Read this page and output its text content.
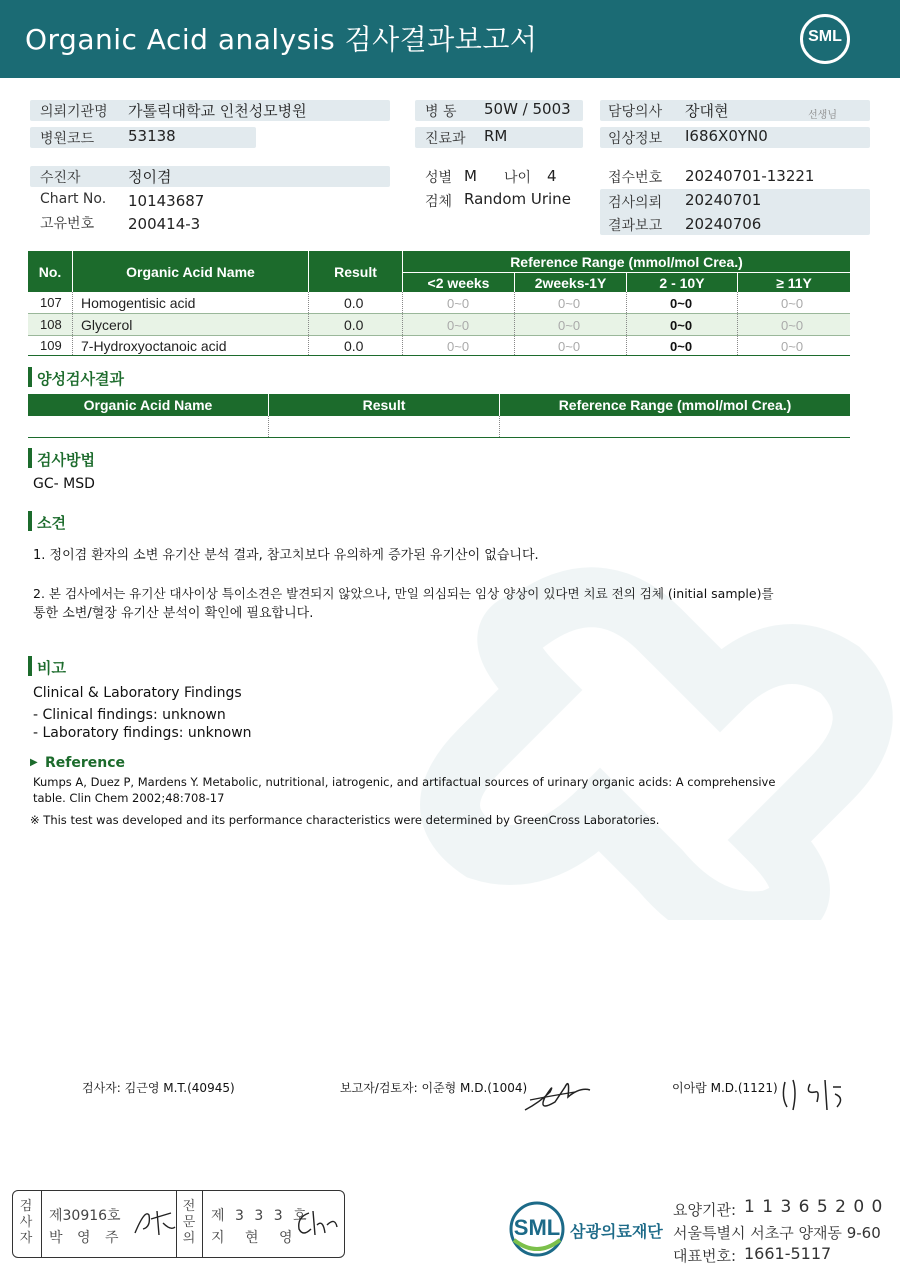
Organic Acid analysis 검사결과보고서	SML
의뢰기관명 가톨릭대학교 인천성모병원	병 동 50W / 5003	담당의사 장대현	선생님
병원코드 53138	진료과 RM	임상정보 I686X0YN0
수진자	정이겸
Chart No. 10143687
고유번호 200414-3
성별 M 나이 4
검체 Random Urine
접수번호 20240701-13221
검사의뢰 20240701
결과보고 20240706
No.	Organic Acid Name	Result
Reference Range (mmol/mol Crea.)
<2 weeks	2weeks-1Y	2 - 10Y	≥ 11Y
107 Homogentisic acid	0.0	0~0	0~0	0~0	0~0
108 Glycerol	0.0	0~0	0~0	0~0	0~0
109 7-Hydroxyoctanoic acid	0.0	0~0	0~0	0~0	0~0
양성검사결과
Organic Acid Name	Result	Reference Range (mmol/mol Crea.)
검사방법
GC- MSD
소견
1. 정이겸 환자의 소변 유기산 분석 결과, 참고치보다 유의하게 증가된 유기산이 없습니다.
2. 본 검사에서는 유기산 대사이상 특이소견은 발견되지 않았으나, 만일 의심되는 임상 양상이 있다면 치료 전의 검체 (initial sample)를
통한 소변/혈장 유기산 분석이 확인에 필요합니다.
비고
Clinical & Laboratory Findings
- Clinical findings: unknown
- Laboratory findings: unknown
▶ Reference
Kumps A, Duez P, Mardens Y. Metabolic, nutritional, iatrogenic, and artifactual sources of urinary organic acids: A comprehensive
table. Clin Chem 2002;48:708-17
※ This test was developed and its performance characteristics were determined by GreenCross Laboratories.
검사자: 김근영 M.T.(40945)	보고자/검토자: 이준형 M.D.(1004)	이아람 M.D.(1121)
검사자
제30916호
박 영 주
전문의
제 3 3 3 호
지 현 영	SML 삼광의료재단
요양기관: 1 1 3 6 5 2 0 0
서울특별시 서초구 양재동 9-60
대표번호: 1661-5117
